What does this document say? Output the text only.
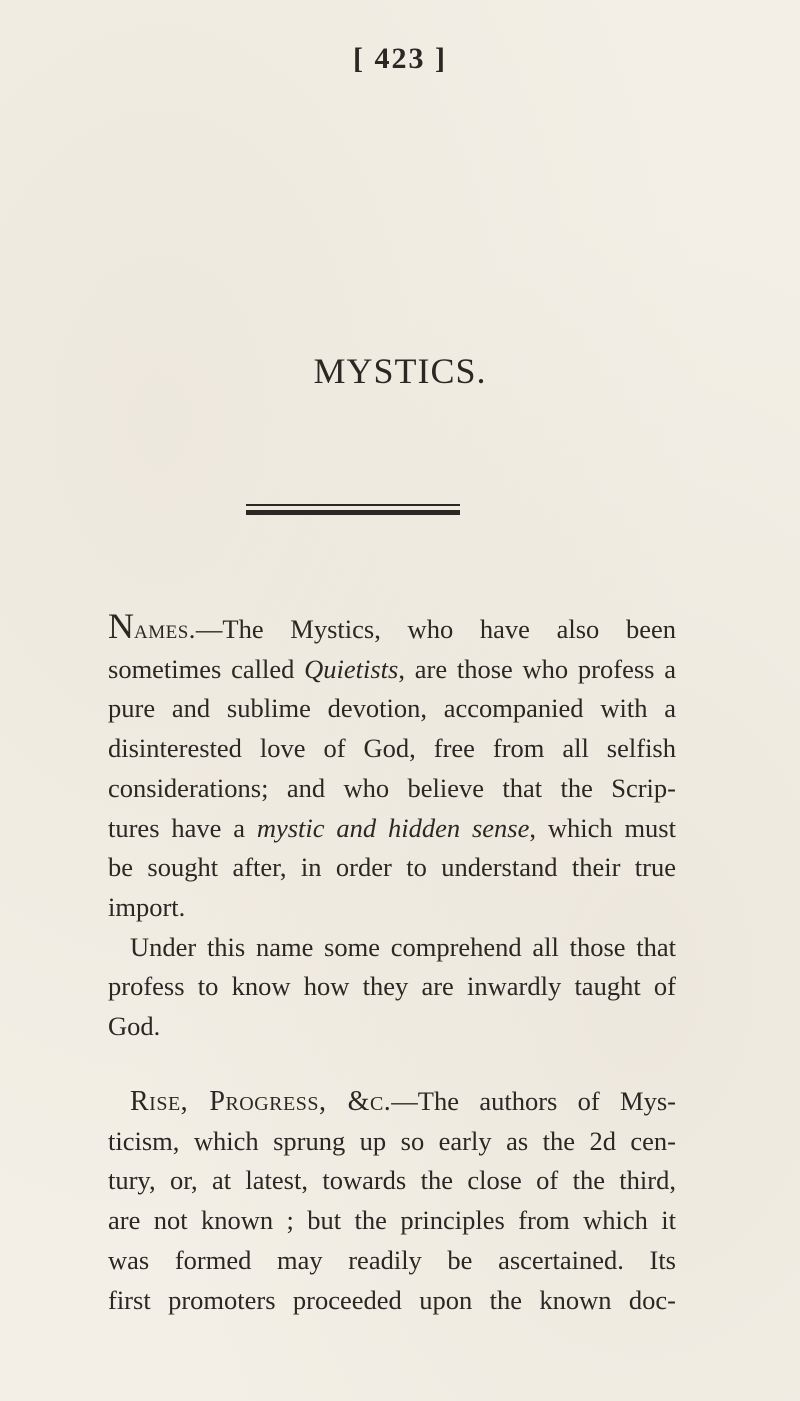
[ 423 ]
MYSTICS.
Names.—The Mystics, who have also been
sometimes called Quietists, are those who profess a
pure and sublime devotion, accompanied with a
disinterested love of God, free from all selfish
considerations; and who believe that the Scrip-
tures have a mystic and hidden sense, which must
be sought after, in order to understand their true
import.
Under this name some comprehend all those that
profess to know how they are inwardly taught of
God.
Rise, Progress, &c.—The authors of Mys-
ticism, which sprung up so early as the 2d cen-
tury, or, at latest, towards the close of the third,
are not known ; but the principles from which it
was formed may readily be ascertained. Its
first promoters proceeded upon the known doc-
